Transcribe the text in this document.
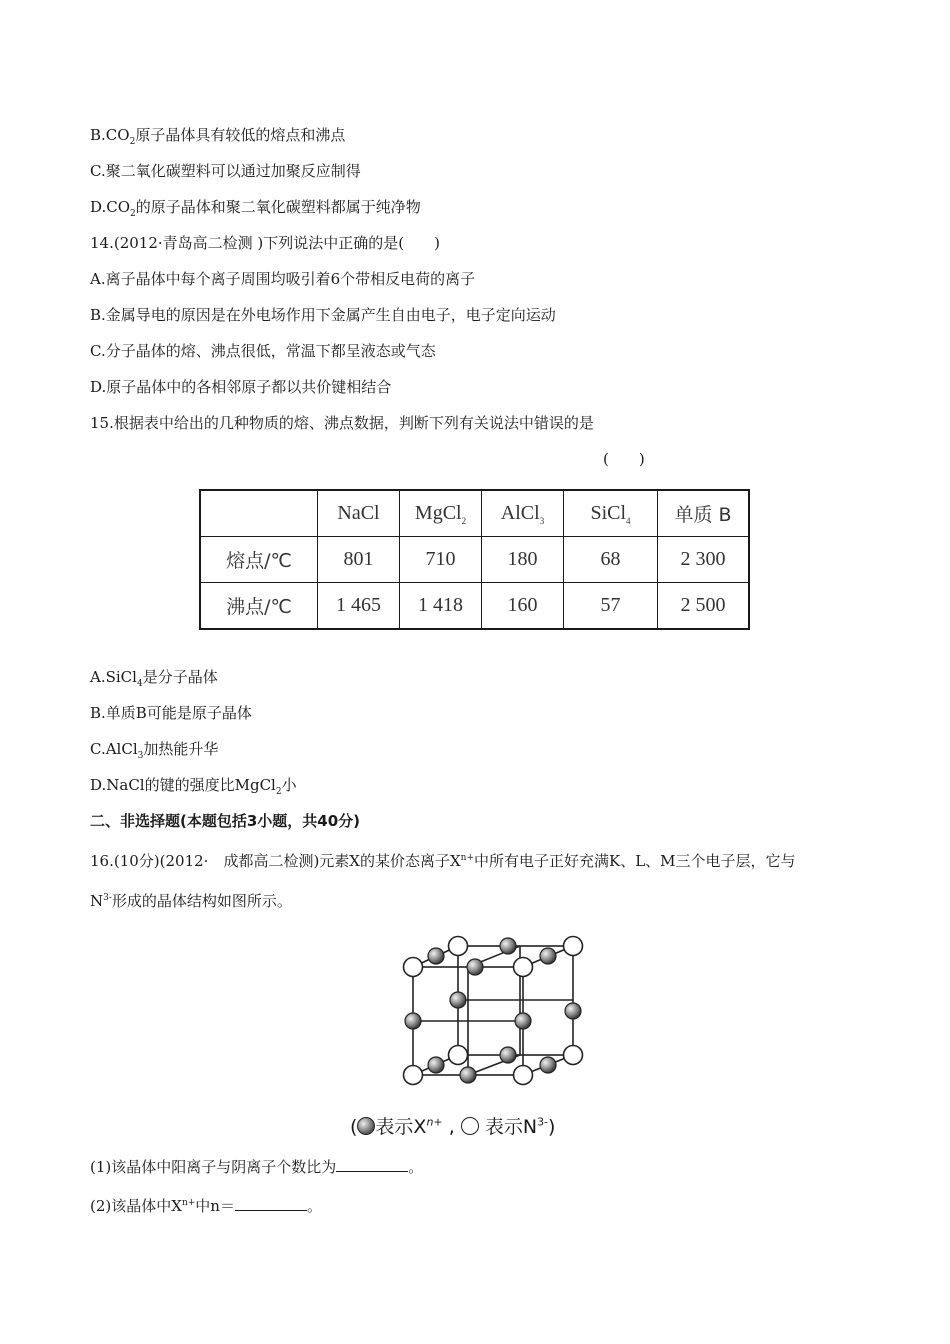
$B.CO_2$原子晶体具有较低的熔点和沸点
C.聚二氧化碳塑料可以通过加聚反应制得
$D.CO_2$的原子晶体和聚二氧化碳塑料都属于纯净物
14.(2012·青岛高二检测 )下列说法中正确的是(　　)
A.离子晶体中每个离子周围均吸引着6个带相反电荷的离子
B.金属导电的原因是在外电场作用下金属产生自由电子，电子定向运动
C.分子晶体的熔、沸点很低，常温下都呈液态或气态
D.原子晶体中的各相邻原子都以共价键相结合
15.根据表中给出的几种物质的熔、沸点数据，判断下列有关说法中错误的是
(　　)
	NaCl	MgCl$_2$	AlCl$_3$	SiCl$_4$	单质 B
熔点/℃	801	710	180	68	2 300
沸点/℃	1 465	1 418	160	57	2 500
A.SiCl$_4$是分子晶体
B.单质B可能是原子晶体
C.AlCl$_3$加热能升华
D.NaCl的键的强度比MgCl$_2$小
二、非选择题(本题包括3小题，共40分)
16.(10分)(2012·　成都高二检测)元素X的某价态离子$X^{n+}$中所有电子正好充满K、L、M三个电子层，它与
$N^{3-}$形成的晶体结构如图所示。
( 表示$X^{n+}$ , 表示$N^{3-}$)
(1)该晶体中阳离子与阴离子个数比为	。
(2)该晶体中$X^{n+}$中n＝	。
